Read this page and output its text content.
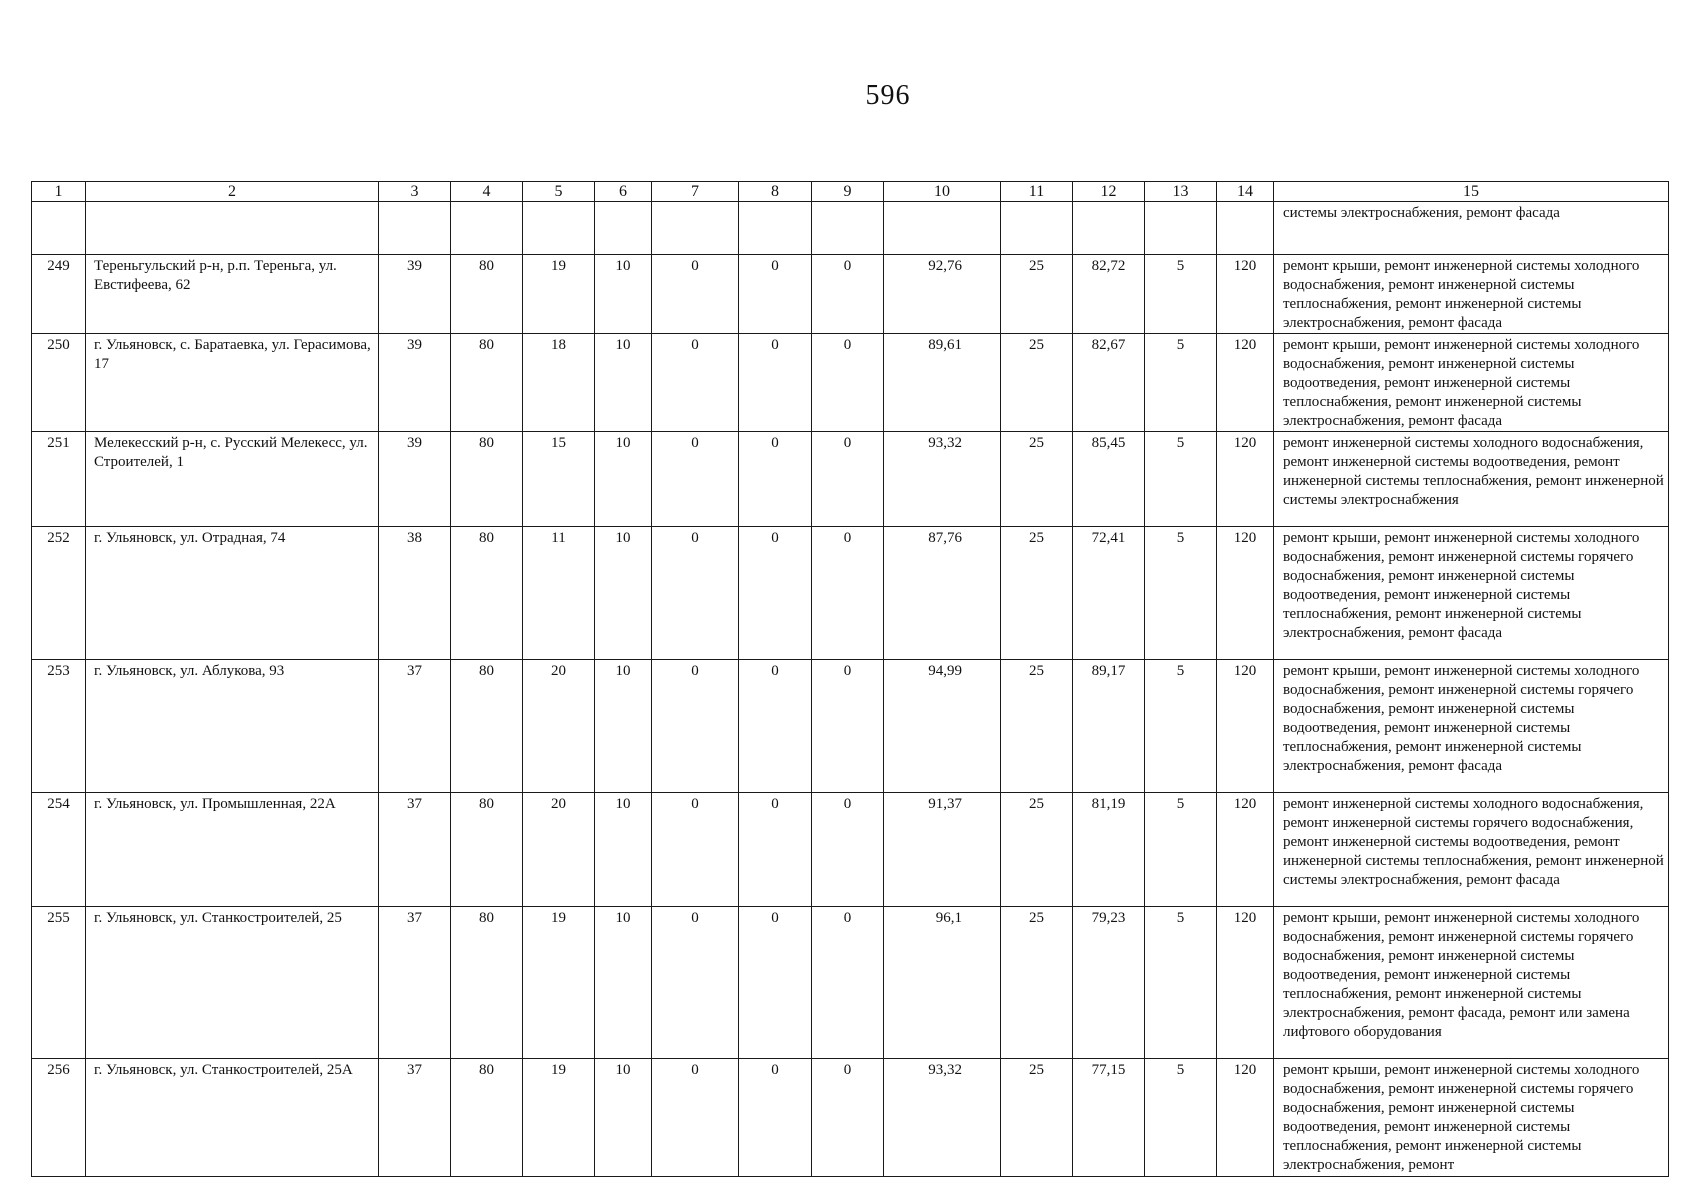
596
1	2	3	4	5	6	7	8	9	10	11	12	13	14	15
														системы электроснабжения, ремонт фасада
249	Тереньгульский р-н, р.п. Тереньга, ул. Евстифеева, 62	39	80	19	10	0	0	0	92,76	25	82,72	5	120	ремонт крыши, ремонт инженерной системы холодного водоснабжения, ремонт инженерной системы теплоснабжения, ремонт инженерной системы электроснабжения, ремонт фасада
250	г. Ульяновск, с. Баратаевка, ул. Герасимова, 17	39	80	18	10	0	0	0	89,61	25	82,67	5	120	ремонт крыши, ремонт инженерной системы холодного водоснабжения, ремонт инженерной системы водоотведения, ремонт инженерной системы теплоснабжения, ремонт инженерной системы электроснабжения, ремонт фасада
251	Мелекесский р-н, с. Русский Мелекесс, ул. Строителей, 1	39	80	15	10	0	0	0	93,32	25	85,45	5	120	ремонт инженерной системы холодного водоснабжения, ремонт инженерной системы водоотведения, ремонт инженерной системы теплоснабжения, ремонт инженерной системы электроснабжения
252	г. Ульяновск, ул. Отрадная, 74	38	80	11	10	0	0	0	87,76	25	72,41	5	120	ремонт крыши, ремонт инженерной системы холодного водоснабжения, ремонт инженерной системы горячего водоснабжения, ремонт инженерной системы водоотведения, ремонт инженерной системы теплоснабжения, ремонт инженерной системы электроснабжения, ремонт фасада
253	г. Ульяновск, ул. Аблукова, 93	37	80	20	10	0	0	0	94,99	25	89,17	5	120	ремонт крыши, ремонт инженерной системы холодного водоснабжения, ремонт инженерной системы горячего водоснабжения, ремонт инженерной системы водоотведения, ремонт инженерной системы теплоснабжения, ремонт инженерной системы электроснабжения, ремонт фасада
254	г. Ульяновск, ул. Промышленная, 22А	37	80	20	10	0	0	0	91,37	25	81,19	5	120	ремонт инженерной системы холодного водоснабжения, ремонт инженерной системы горячего водоснабжения, ремонт инженерной системы водоотведения, ремонт инженерной системы теплоснабжения, ремонт инженерной системы электроснабжения, ремонт фасада
255	г. Ульяновск, ул. Станкостроителей, 25	37	80	19	10	0	0	0	96,1	25	79,23	5	120	ремонт крыши, ремонт инженерной системы холодного водоснабжения, ремонт инженерной системы горячего водоснабжения, ремонт инженерной системы водоотведения, ремонт инженерной системы теплоснабжения, ремонт инженерной системы электроснабжения, ремонт фасада, ремонт или замена лифтового оборудования
256	г. Ульяновск, ул. Станкостроителей, 25А	37	80	19	10	0	0	0	93,32	25	77,15	5	120	ремонт крыши, ремонт инженерной системы холодного водоснабжения, ремонт инженерной системы горячего водоснабжения, ремонт инженерной системы водоотведения, ремонт инженерной системы теплоснабжения, ремонт инженерной системы электроснабжения, ремонт
